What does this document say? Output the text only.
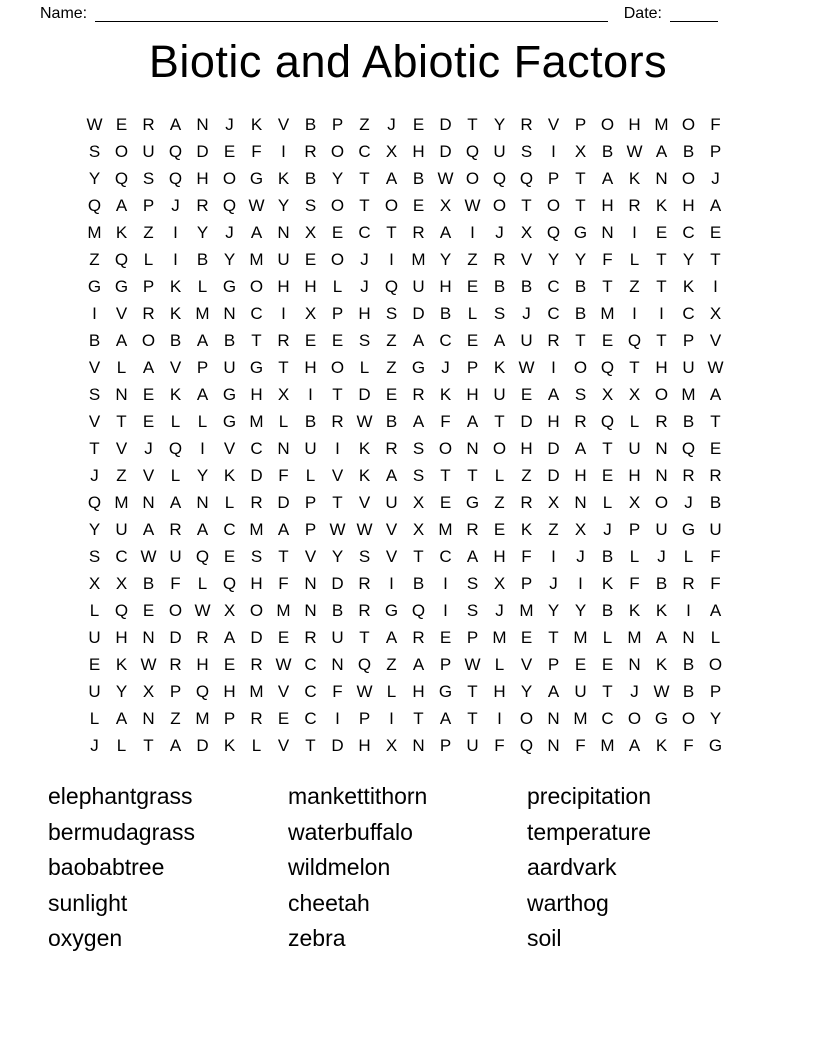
Name:	Date:
Biotic and Abiotic Factors
W E R A N J	K V B P Z	J	E D T Y R V P O H M O F
S O U Q D E F	I	R O C X H D Q U S	I	X B W A B P
Y Q S Q H O G K B Y T A B W O Q Q P T A K N O J
Q A P	J R Q W Y S O T O E X W O T O T H R K H A
M K Z	I	Y	J	A N X E C T R A	I	J	X Q G N	I	E C E
Z Q L	I	B Y M U E O J	I	M Y Z R V Y Y F	L	T Y T
G G P K L G O H H L	J Q U H E B B C B T Z T K	I
I	V R K M N C	I	X P H S D B L S	J C B M	I	I	C X
B A O B A B T R E E S Z A C E A U R T E Q T P V
V L A V P U G T H O L	Z G J	P K W I	O Q T H U W
S N E K A G H X	I	T D E R K H U E A S X X O M A
V T E L	L G M L B R W B A F A T D H R Q L R B T
T V	J Q	I	V C N U	I	K R S O N O H D A T U N Q E
J	Z V L Y K D F	L V K A S T T	L	Z D H E H N R R
Q M N A N L R D P T V U X E G Z R X N L X O J	B
Y U A R A C M A P W W V X M R E K Z X	J	P U G U
S C W U Q E S T V Y S V T C A H F	I	J	B L	J	L	F
X X B F	L Q H F N D R	I	B	I	S X P	J	I	K F B R F
L Q E O W X O M N B R G Q	I	S	J M Y Y B K K	I	A
U H N D R A D E R U T A R E P M E T M L M A N L
E K W R H E R W C N Q Z A P W L V P E E N K B O
U Y X P Q H M V C F W L H G T H Y A U T	J W B P
L A N Z M P R E C	I	P	I	T A T	I	O N M C O G O Y
J	L	T A D K L V T D H X N P U F Q N F M A K F G
elephantgrass
bermudagrass
baobabtree
sunlight
oxygen
mankettithorn
waterbuffalo
wildmelon
cheetah
zebra
precipitation
temperature
aardvark
warthog
soil
